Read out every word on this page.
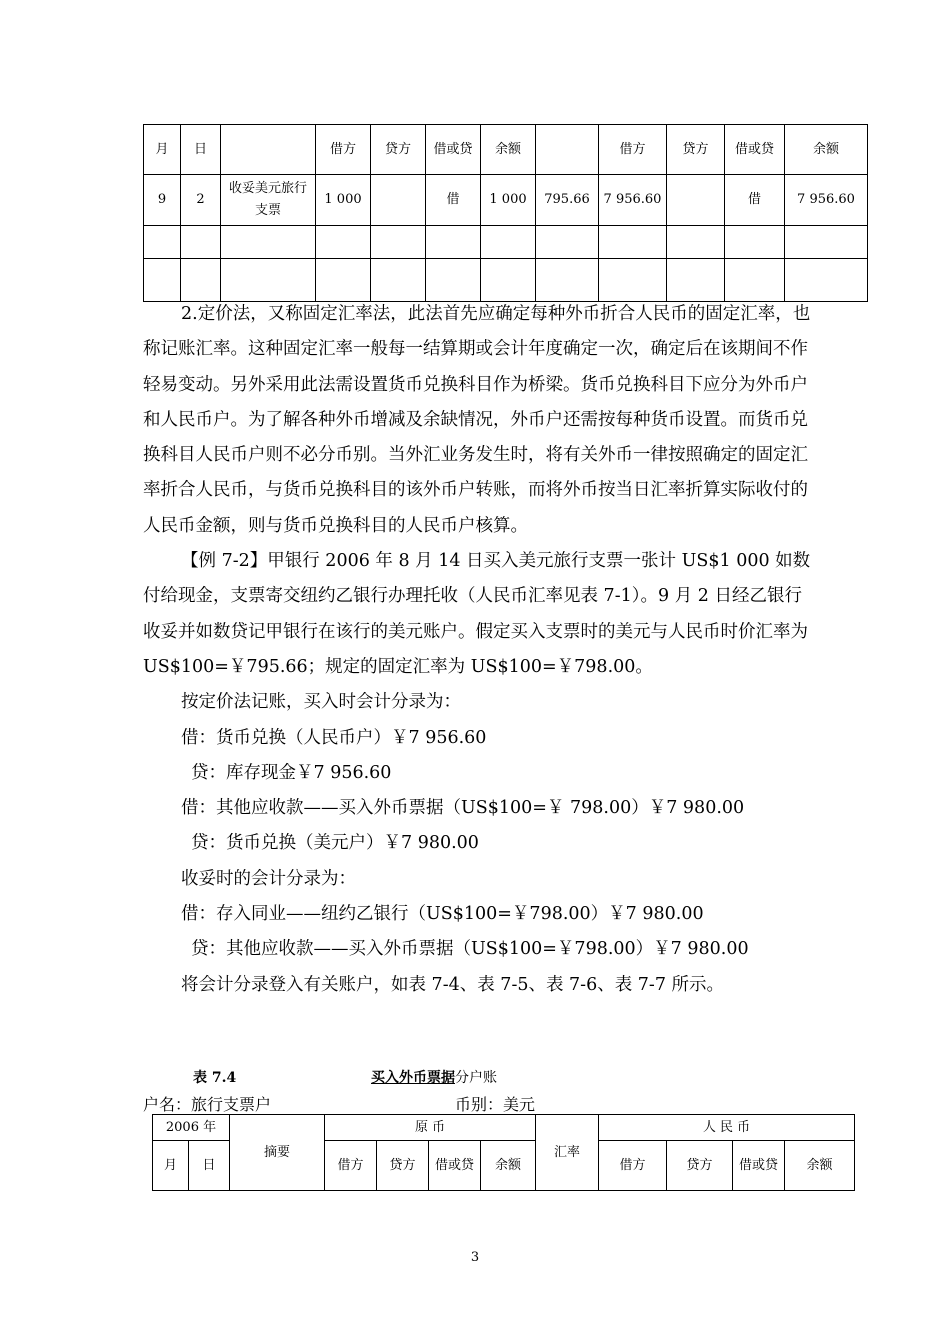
月	日		借方	贷方	借或贷	余额		借方	贷方	借或贷	余额
9	2	收妥美元旅行支票	1 000		借	1 000	795.66	7 956.60		借	7 956.60

2.定价法，又称固定汇率法，此法首先应确定每种外币折合人民币的固定汇率，也称记账汇率。这种固定汇率一般每一结算期或会计年度确定一次，确定后在该期间不作轻易变动。另外采用此法需设置货币兑换科目作为桥梁。货币兑换科目下应分为外币户和人民币户。为了解各种外币增减及余缺情况，外币户还需按每种货币设置。而货币兑换科目人民币户则不必分币别。当外汇业务发生时，将有关外币一律按照确定的固定汇率折合人民币，与货币兑换科目的该外币户转账，而将外币按当日汇率折算实际收付的人民币金额，则与货币兑换科目的人民币户核算。

【例 7-2】甲银行 2006 年 8 月 14 日买入美元旅行支票一张计 US$1 000 如数付给现金，支票寄交纽约乙银行办理托收（人民币汇率见表 7-1）。9 月 2 日经乙银行收妥并如数贷记甲银行在该行的美元账户。假定买入支票时的美元与人民币时价汇率为 US$100=￥795.66；规定的固定汇率为 US$100=￥798.00。

按定价法记账，买入时会计分录为：

借：货币兑换（人民币户）￥7 956.60

贷：库存现金￥7 956.60

借：其他应收款——买入外币票据（US$100=￥ 798.00）￥7 980.00

贷：货币兑换（美元户）￥7 980.00

收妥时的会计分录为：

借：存入同业——纽约乙银行（US$100=￥798.00）￥7 980.00

贷：其他应收款——买入外币票据（US$100=￥798.00）￥7 980.00

将会计分录登入有关账户，如表 7-4、表 7-5、表 7-6、表 7-7 所示。

表 7.4	买入外币票据分户账
户名：旅行支票户	币别：美元
2006 年		摘要	原 币				汇率	人 民 币			
月	日		借方	贷方	借或贷	余额		借方	贷方	借或贷	余额
3
